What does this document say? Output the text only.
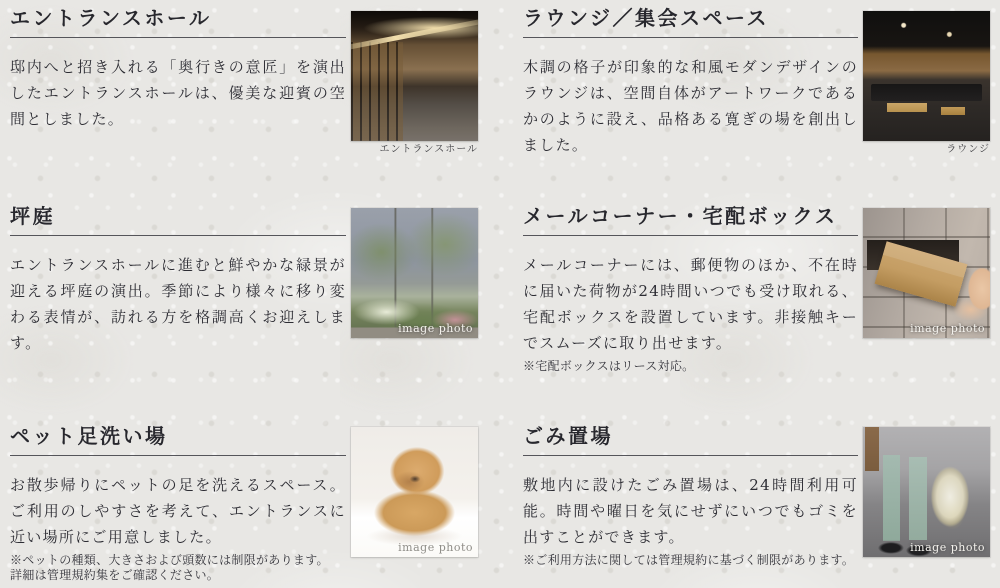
エントランスホール

邸内へと招き入れる「奥行きの意匠」を演出したエントランスホールは、優美な迎賓の空間としました。

エントランスホール
ラウンジ／集会スペース

木調の格子が印象的な和風モダンデザインのラウンジは、空間自体がアートワークであるかのように設え、品格ある寛ぎの場を創出しました。	ラウンジ
坪庭

エントランスホールに進むと鮮やかな緑景が迎える坪庭の演出。季節により様々に移り変わる表情が、訪れる方を格調高くお迎えします。

image photo
メールコーナー・宅配ボックス

メールコーナーには、郵便物のほか、不在時に届いた荷物が24時間いつでも受け取れる、宅配ボックスを設置しています。非接触キーでスムーズに取り出せます。

※宅配ボックスはリース対応。

image photo
ペット足洗い場

お散歩帰りにペットの足を洗えるスペース。ご利用のしやすさを考えて、エントランスに近い場所にご用意しました。

※ペットの種類、大きさおよび頭数には制限があります。

詳細は管理規約集をご確認ください。

image photo
ごみ置場

敷地内に設けたごみ置場は、24時間利用可能。時間や曜日を気にせずにいつでもゴミを出すことができます。

※ご利用方法に関しては管理規約に基づく制限があります。

image photo
